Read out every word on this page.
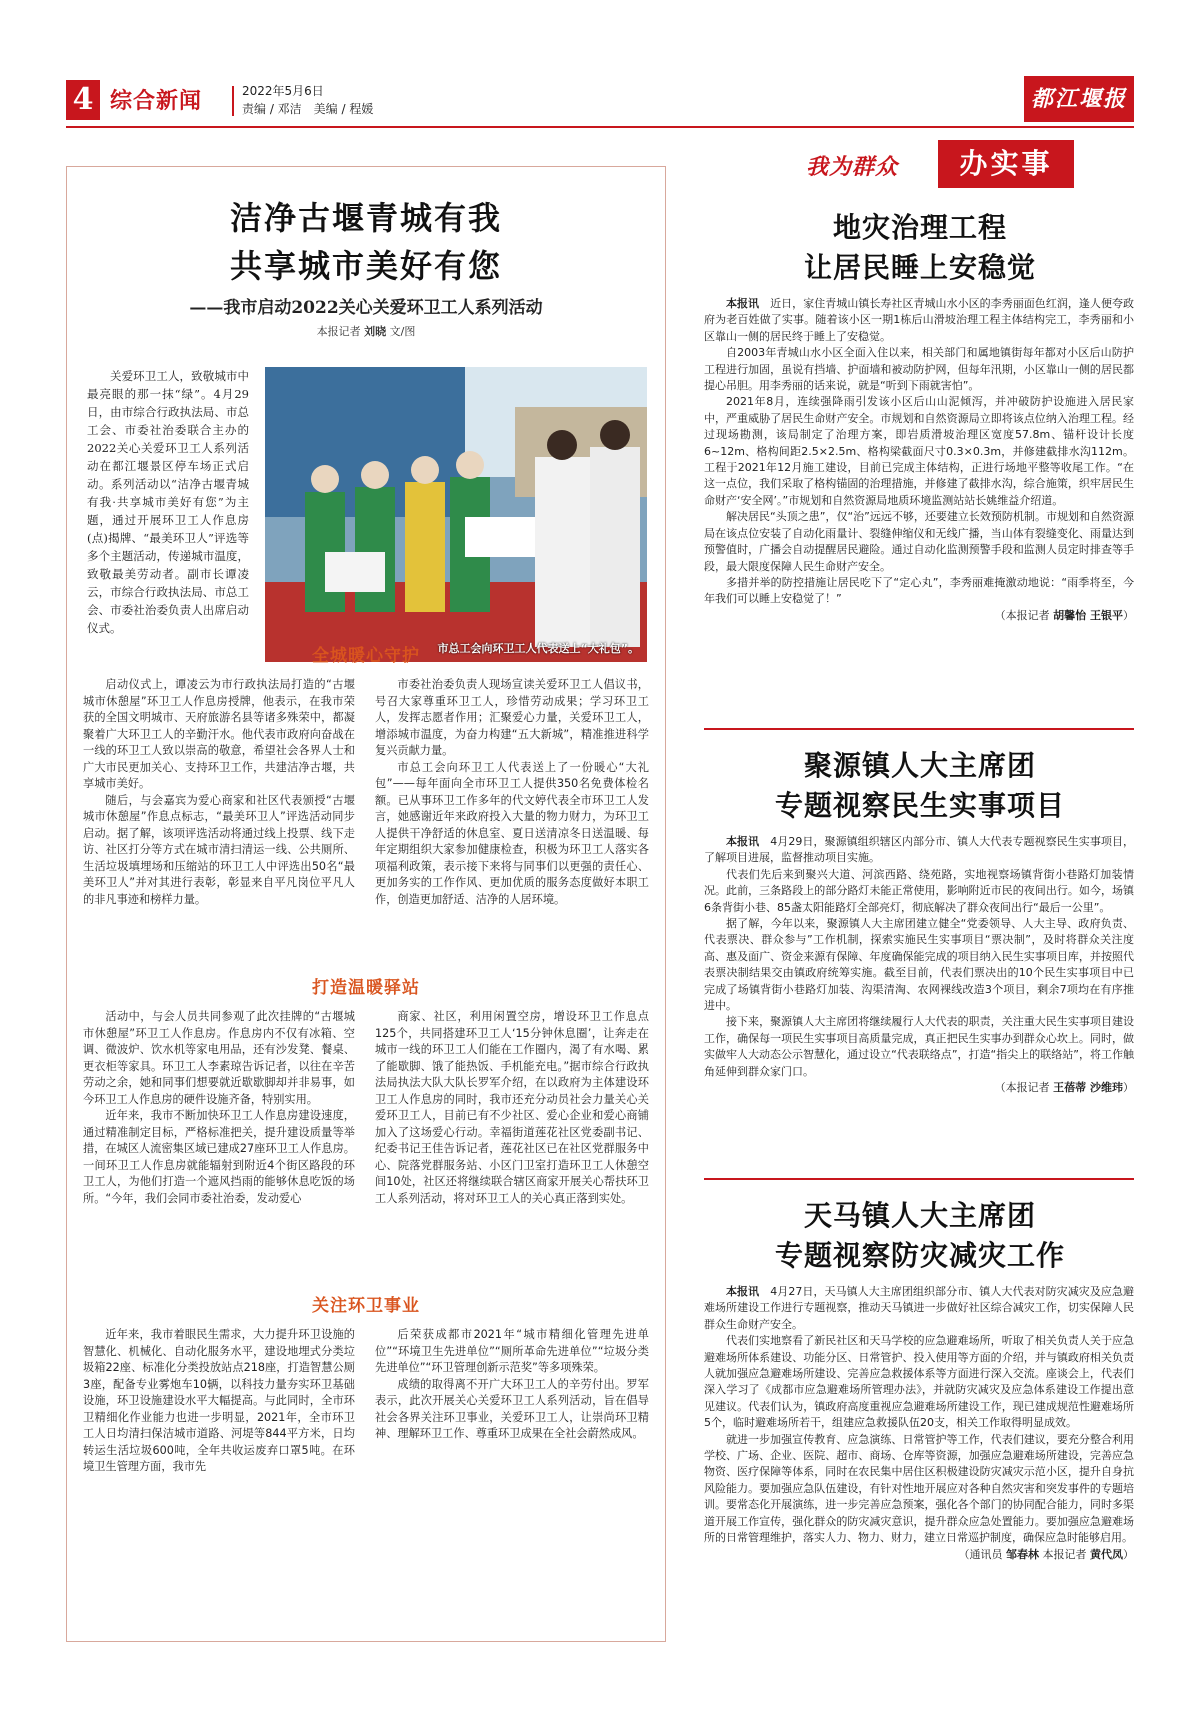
4 综合新闻	2022年5月6日
责编 / 邓洁　美编 / 程媛	都江堰报
洁净古堰青城有我
共享城市美好有您
——我市启动2022关心关爱环卫工人系列活动
本报记者 刘晓 文/图
关爱环卫工人，致敬城市中最亮眼的那一抹“绿”。4月29日，由市综合行政执法局、市总工会、市委社治委联合主办的2022关心关爱环卫工人系列活动在都江堰景区停车场正式启动。系列活动以“洁净古堰青城有我·共享城市美好有您”为主题，通过开展环卫工人作息房(点)揭牌、“最美环卫人”评选等多个主题活动，传递城市温度，致敬最美劳动者。副市长谭凌云，市综合行政执法局、市总工会、市委社治委负责人出席启动仪式。
市总工会向环卫工人代表送上“大礼包”。
全城暖心守护

启动仪式上，谭凌云为市行政执法局打造的“古堰城市休憩屋”环卫工人作息房授牌，他表示，在我市荣获的全国文明城市、天府旅游名县等诸多殊荣中，都凝聚着广大环卫工人的辛勤汗水。他代表市政府向奋战在一线的环卫工人致以崇高的敬意，希望社会各界人士和广大市民更加关心、支持环卫工作，共建洁净古堰，共享城市美好。

随后，与会嘉宾为爱心商家和社区代表颁授“古堰城市休憩屋”作息点标志，“最美环卫人”评选活动同步启动。据了解，该项评选活动将通过线上投票、线下走访、社区打分等方式在城市清扫清运一线、公共厕所、生活垃圾填埋场和压缩站的环卫工人中评选出50名“最美环卫人”并对其进行表彰，彰显来自平凡岗位平凡人的非凡事迹和榜样力量。

市委社治委负责人现场宣读关爱环卫工人倡议书，号召大家尊重环卫工人，珍惜劳动成果；学习环卫工人，发挥志愿者作用；汇聚爱心力量，关爱环卫工人，增添城市温度，为奋力构建“五大新城”，精准推进科学复兴贡献力量。

市总工会向环卫工人代表送上了一份暖心“大礼包”——每年面向全市环卫工人提供350名免费体检名额。已从事环卫工作多年的代文婷代表全市环卫工人发言，她感谢近年来政府投入大量的物力财力，为环卫工人提供干净舒适的休息室、夏日送清凉冬日送温暖、每年定期组织大家参加健康检查，积极为环卫工人落实各项福利政策，表示接下来将与同事们以更强的责任心、更加务实的工作作风、更加优质的服务态度做好本职工作，创造更加舒适、洁净的人居环境。

打造温暖驿站

活动中，与会人员共同参观了此次挂牌的“古堰城市休憩屋”环卫工人作息房。作息房内不仅有冰箱、空调、微波炉、饮水机等家电用品，还有沙发凳、餐桌、更衣柜等家具。环卫工人李素琼告诉记者，以往在辛苦劳动之余，她和同事们想要就近歇歇脚却并非易事，如今环卫工人作息房的硬件设施齐备，特别实用。

近年来，我市不断加快环卫工人作息房建设速度，通过精准制定目标，严格标准把关，提升建设质量等举措，在城区人流密集区域已建成27座环卫工人作息房。一间环卫工人作息房就能辐射到附近4个街区路段的环卫工人，为他们打造一个遮风挡雨的能够休息吃饭的场所。“今年，我们会同市委社治委，发动爱心

商家、社区，利用闲置空房，增设环卫工作息点125个，共同搭建环卫工人‘15分钟休息圈’，让奔走在城市一线的环卫工人们能在工作圈内，渴了有水喝、累了能歇脚、饿了能热饭、手机能充电。”据市综合行政执法局执法大队大队长罗军介绍，在以政府为主体建设环卫工人作息房的同时，我市还充分动员社会力量关心关爱环卫工人，目前已有不少社区、爱心企业和爱心商铺加入了这场爱心行动。幸福街道莲花社区党委副书记、纪委书记王佳告诉记者，莲花社区已在社区党群服务中心、院落党群服务站、小区门卫室打造环卫工人休憩空间10处，社区还将继续联合辖区商家开展关心帮扶环卫工人系列活动，将对环卫工人的关心真正落到实处。

关注环卫事业

近年来，我市着眼民生需求，大力提升环卫设施的智慧化、机械化、自动化服务水平，建设地埋式分类垃圾箱22座、标准化分类投放站点218座，打造智慧公厕3座，配备专业雾炮车10辆，以科技力量夯实环卫基础设施，环卫设施建设水平大幅提高。与此同时，全市环卫精细化作业能力也进一步明显，2021年，全市环卫工人日均清扫保洁城市道路、河堤等844平方米，日均转运生活垃圾600吨，全年共收运废弃口罩5吨。在环境卫生管理方面，我市先

后荣获成都市2021年“城市精细化管理先进单位”“环境卫生先进单位”“厕所革命先进单位”“垃圾分类先进单位”“环卫管理创新示范奖”等多项殊荣。

成绩的取得离不开广大环卫工人的辛劳付出。罗军表示，此次开展关心关爱环卫工人系列活动，旨在倡导社会各界关注环卫事业，关爱环卫工人，让崇尚环卫精神、理解环卫工作、尊重环卫成果在全社会蔚然成风。

我为群众	办实事
地灾治理工程
让居民睡上安稳觉

本报讯　 近日，家住青城山镇长寿社区青城山水小区的李秀丽面色红润，逢人便夸政府为老百姓做了实事。随着该小区一期1栋后山滑坡治理工程主体结构完工，李秀丽和小区靠山一侧的居民终于睡上了安稳觉。

自2003年青城山水小区全面入住以来，相关部门和属地镇街每年都对小区后山防护工程进行加固，虽说有挡墙、护面墙和被动防护网，但每年汛期，小区靠山一侧的居民都提心吊胆。用李秀丽的话来说，就是“听到下雨就害怕”。

2021年8月，连续强降雨引发该小区后山山泥倾泻，并冲破防护设施进入居民家中，严重威胁了居民生命财产安全。市规划和自然资源局立即将该点位纳入治理工程。经过现场勘测，该局制定了治理方案，即岩质滑坡治理区宽度57.8m、锚杆设计长度6~12m、格构间距2.5×2.5m、格构梁截面尺寸0.3×0.3m，并修建截排水沟112m。工程于2021年12月施工建设，目前已完成主体结构，正进行场地平整等收尾工作。“在这一点位，我们采取了格构锚固的治理措施，并修建了截排水沟，综合施策，织牢居民生命财产‘安全网’。”市规划和自然资源局地质环境监测站站长姚维益介绍道。

解决居民“头顶之患”，仅“治”远远不够，还要建立长效预防机制。市规划和自然资源局在该点位安装了自动化雨量计、裂缝伸缩仪和无线广播，当山体有裂缝变化、雨量达到预警值时，广播会自动提醒居民避险。通过自动化监测预警手段和监测人员定时排查等手段，最大限度保障人民生命财产安全。

多措并举的防控措施让居民吃下了“定心丸”，李秀丽难掩激动地说：“雨季将至，今年我们可以睡上安稳觉了！”

（本报记者 胡馨怡 王银平）
聚源镇人大主席团
专题视察民生实事项目

本报讯　 4月29日，聚源镇组织辖区内部分市、镇人大代表专题视察民生实事项目，了解项目进展，监督推动项目实施。

代表们先后来到聚兴大道、河滨西路、绕苑路，实地视察场镇背街小巷路灯加装情况。此前，三条路段上的部分路灯未能正常使用，影响附近市民的夜间出行。如今，场镇6条背街小巷、85盏太阳能路灯全部亮灯，彻底解决了群众夜间出行“最后一公里”。

据了解，今年以来，聚源镇人大主席团建立健全“党委领导、人大主导、政府负责、代表票决、群众参与”工作机制，探索实施民生实事项目“票决制”，及时将群众关注度高、惠及面广、资金来源有保障、年度确保能完成的项目纳入民生实事项目库，并按照代表票决制结果交由镇政府统筹实施。截至目前，代表们票决出的10个民生实事项目中已完成了场镇背街小巷路灯加装、沟渠清淘、农网裸线改造3个项目，剩余7项均在有序推进中。

接下来，聚源镇人大主席团将继续履行人大代表的职责，关注重大民生实事项目建设工作，确保每一项民生实事项目高质量完成，真正把民生实事办到群众心坎上。同时，做实做牢人大动态公示智慧化，通过设立“代表联络点”，打造“指尖上的联络站”，将工作触角延伸到群众家门口。

（本报记者 王蓓蒂 沙维玮）
天马镇人大主席团
专题视察防灾减灾工作

本报讯　 4月27日，天马镇人大主席团组织部分市、镇人大代表对防灾减灾及应急避难场所建设工作进行专题视察，推动天马镇进一步做好社区综合减灾工作，切实保障人民群众生命财产安全。

代表们实地察看了新民社区和天马学校的应急避难场所，听取了相关负责人关于应急避难场所体系建设、功能分区、日常管护、投入使用等方面的介绍，并与镇政府相关负责人就加强应急避难场所建设、完善应急救援体系等方面进行深入交流。座谈会上，代表们深入学习了《成都市应急避难场所管理办法》，并就防灾减灾及应急体系建设工作提出意见建议。代表们认为，镇政府高度重视应急避难场所建设工作，现已建成规范性避难场所5个，临时避难场所若干，组建应急救援队伍20支，相关工作取得明显成效。

就进一步加强宣传教育、应急演练、日常管护等工作，代表们建议，要充分整合利用学校、广场、企业、医院、超市、商场、仓库等资源，加强应急避难场所建设，完善应急物资、医疗保障等体系，同时在农民集中居住区积极建设防灾减灾示范小区，提升自身抗风险能力。要加强应急队伍建设，有针对性地开展应对各种自然灾害和突发事件的专题培训。要常态化开展演练，进一步完善应急预案，强化各个部门的协同配合能力，同时多渠道开展工作宣传，强化群众的防灾减灾意识，提升群众应急处置能力。要加强应急避难场所的日常管理维护，落实人力、物力、财力，建立日常巡护制度，确保应急时能够启用。

（通讯员 邹春林 本报记者 黄代凤）
